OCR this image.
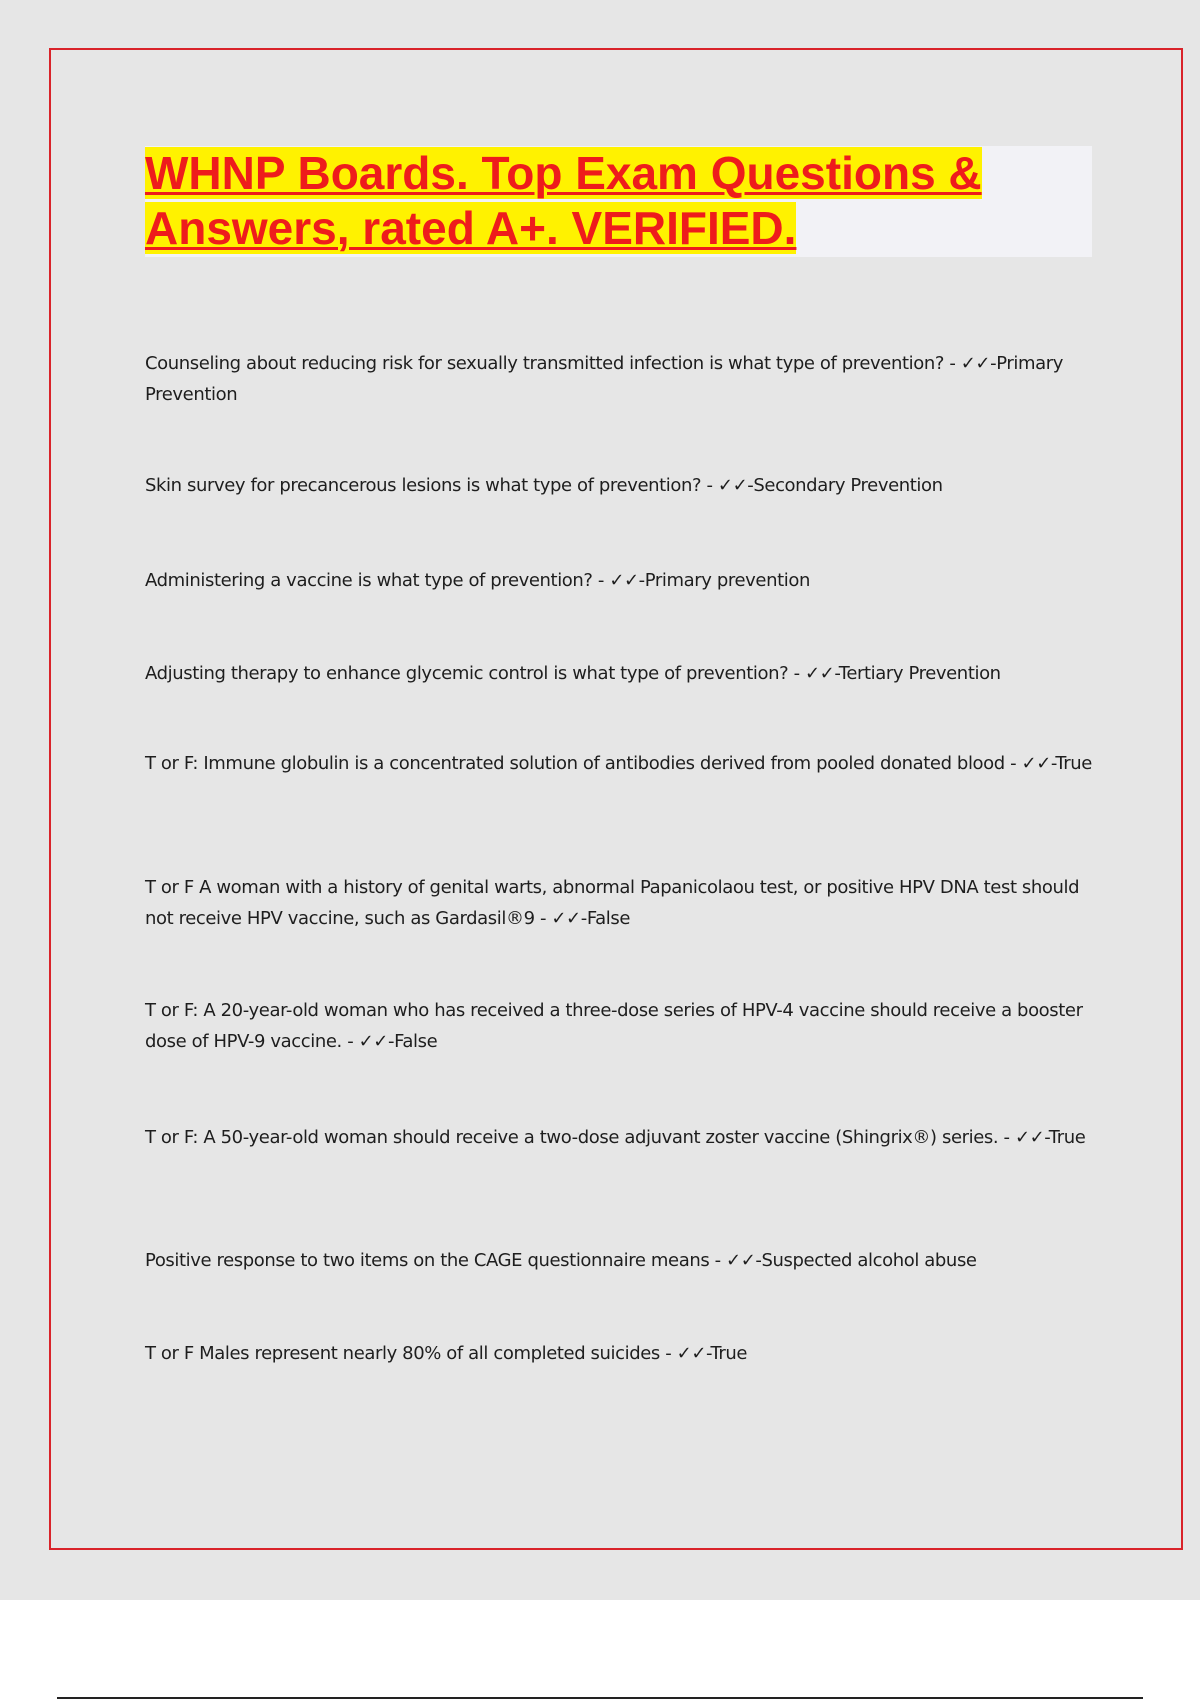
WHNP Boards. Top Exam Questions & Answers, rated A+. VERIFIED.

Counseling about reducing risk for sexually transmitted infection is what type of prevention? - ✓✓-Primary Prevention

Skin survey for precancerous lesions is what type of prevention? - ✓✓-Secondary Prevention

Administering a vaccine is what type of prevention? - ✓✓-Primary prevention

Adjusting therapy to enhance glycemic control is what type of prevention? - ✓✓-Tertiary Prevention

T or F: Immune globulin is a concentrated solution of antibodies derived from pooled donated blood - ✓✓-True

T or F A woman with a history of genital warts, abnormal Papanicolaou test, or positive HPV DNA test should not receive HPV vaccine, such as Gardasil®9 - ✓✓-False

T or F: A 20-year-old woman who has received a three-dose series of HPV-4 vaccine should receive a booster dose of HPV-9 vaccine. - ✓✓-False

T or F: A 50-year-old woman should receive a two-dose adjuvant zoster vaccine (Shingrix®) series. - ✓✓-True

Positive response to two items on the CAGE questionnaire means - ✓✓-Suspected alcohol abuse

T or F Males represent nearly 80% of all completed suicides - ✓✓-True
